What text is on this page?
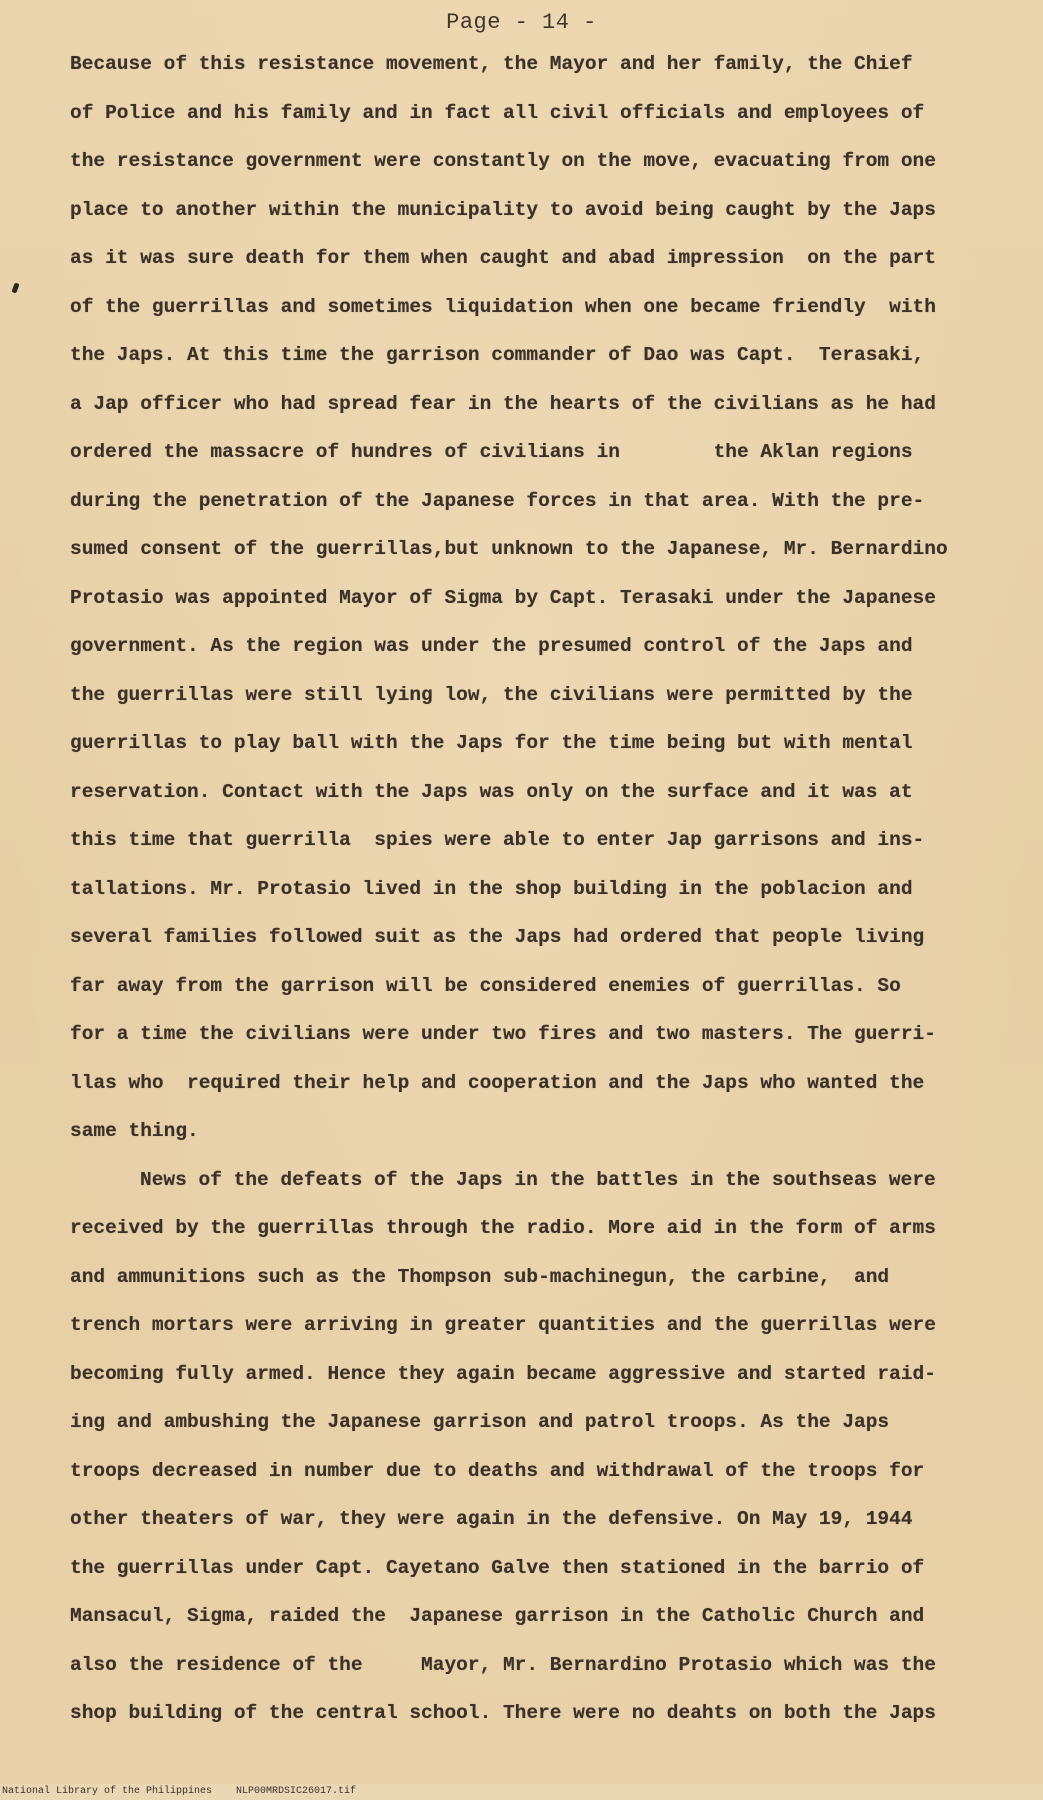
Page - 14 -
Because of this resistance movement, the Mayor and her family, the Chief
of Police and his family and in fact all civil officials and employees of
the resistance government were constantly on the move, evacuating from one
place to another within the municipality to avoid being caught by the Japs
as it was sure death for them when caught and abad impression  on the part
of the guerrillas and sometimes liquidation when one became friendly  with
the Japs. At this time the garrison commander of Dao was Capt.  Terasaki,
a Jap officer who had spread fear in the hearts of the civilians as he had
ordered the massacre of hundres of civilians in        the Aklan regions
during the penetration of the Japanese forces in that area. With the pre-
sumed consent of the guerrillas,but unknown to the Japanese, Mr. Bernardino
Protasio was appointed Mayor of Sigma by Capt. Terasaki under the Japanese
government. As the region was under the presumed control of the Japs and
the guerrillas were still lying low, the civilians were permitted by the
guerrillas to play ball with the Japs for the time being but with mental
reservation. Contact with the Japs was only on the surface and it was at
this time that guerrilla  spies were able to enter Jap garrisons and ins-
tallations. Mr. Protasio lived in the shop building in the poblacion and
several families followed suit as the Japs had ordered that people living
far away from the garrison will be considered enemies of guerrillas. So
for a time the civilians were under two fires and two masters. The guerri-
llas who  required their help and cooperation and the Japs who wanted the
same thing.
News of the defeats of the Japs in the battles in the southseas were
received by the guerrillas through the radio. More aid in the form of arms
and ammunitions such as the Thompson sub-machinegun, the carbine,  and
trench mortars were arriving in greater quantities and the guerrillas were
becoming fully armed. Hence they again became aggressive and started raid-
ing and ambushing the Japanese garrison and patrol troops. As the Japs
troops decreased in number due to deaths and withdrawal of the troops for
other theaters of war, they were again in the defensive. On May 19, 1944
the guerrillas under Capt. Cayetano Galve then stationed in the barrio of
Mansacul, Sigma, raided the  Japanese garrison in the Catholic Church and
also the residence of the     Mayor, Mr. Bernardino Protasio which was the
shop building of the central school. There were no deahts on both the Japs
National Library of the Philippines    NLP00MRDSIC26017.tif
